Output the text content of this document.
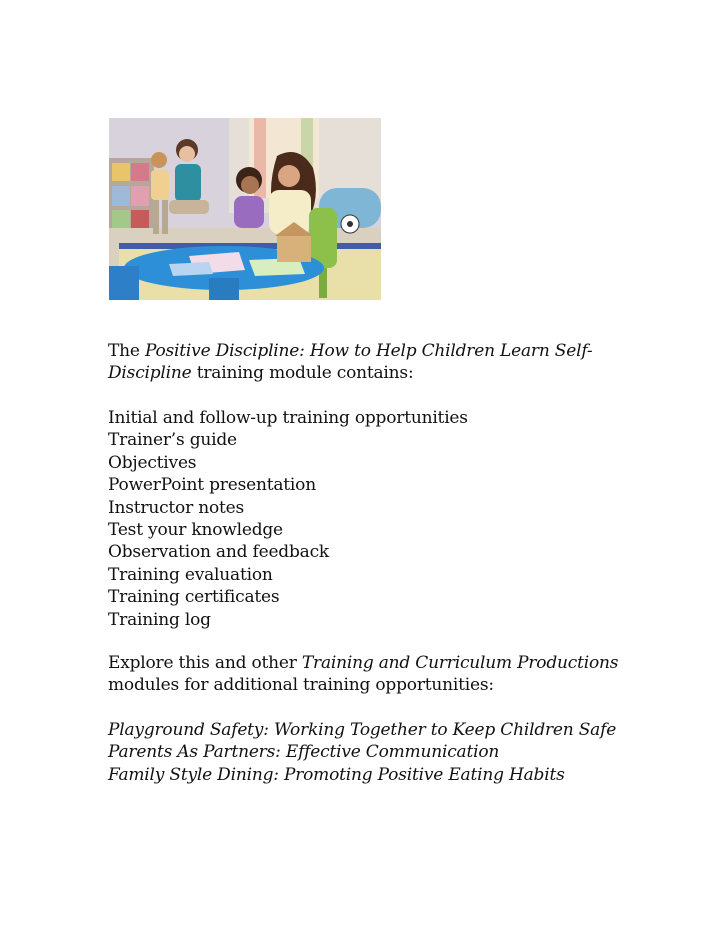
The Positive Discipline: How to Help Children Learn Self-
Discipline training module contains:
Initial and follow-up training opportunities
Trainer’s guide
Objectives
PowerPoint presentation
Instructor notes
Test your knowledge
Observation and feedback
Training evaluation
Training certificates
Training log
Explore this and other Training and Curriculum Productions
modules for additional training opportunities:
Playground Safety: Working Together to Keep Children Safe
Parents As Partners: Effective Communication
Family Style Dining: Promoting Positive Eating Habits
